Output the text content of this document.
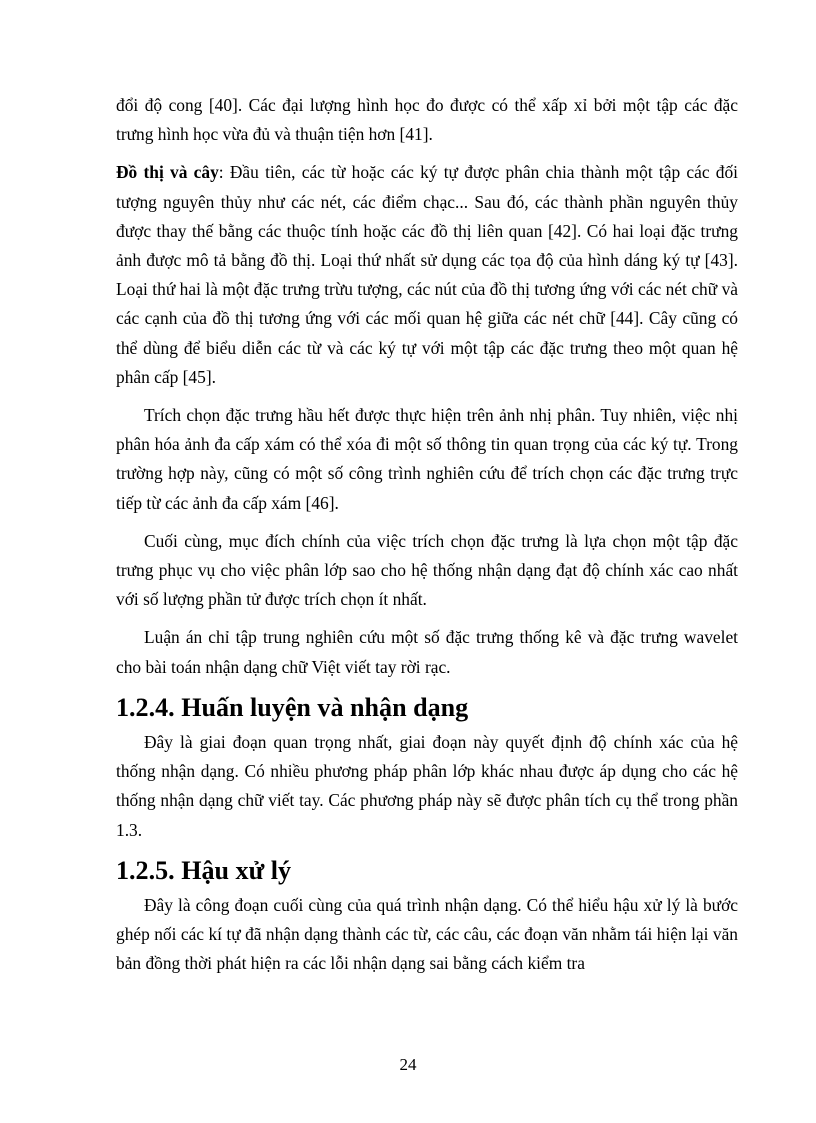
đổi độ cong [40]. Các đại lượng hình học đo được có thể xấp xỉ bởi một tập các đặc trưng hình học vừa đủ và thuận tiện hơn [41].

Đồ thị và cây: Đầu tiên, các từ hoặc các ký tự được phân chia thành một tập các đối tượng nguyên thủy như các nét, các điểm chạc... Sau đó, các thành phần nguyên thủy được thay thế bằng các thuộc tính hoặc các đồ thị liên quan [42]. Có hai loại đặc trưng ảnh được mô tả bằng đồ thị. Loại thứ nhất sử dụng các tọa độ của hình dáng ký tự [43]. Loại thứ hai là một đặc trưng trừu tượng, các nút của đồ thị tương ứng với các nét chữ và các cạnh của đồ thị tương ứng với các mối quan hệ giữa các nét chữ [44]. Cây cũng có thể dùng để biểu diễn các từ và các ký tự với một tập các đặc trưng theo một quan hệ phân cấp [45].

Trích chọn đặc trưng hầu hết được thực hiện trên ảnh nhị phân. Tuy nhiên, việc nhị phân hóa ảnh đa cấp xám có thể xóa đi một số thông tin quan trọng của các ký tự. Trong trường hợp này, cũng có một số công trình nghiên cứu để trích chọn các đặc trưng trực tiếp từ các ảnh đa cấp xám [46].

Cuối cùng, mục đích chính của việc trích chọn đặc trưng là lựa chọn một tập đặc trưng phục vụ cho việc phân lớp sao cho hệ thống nhận dạng đạt độ chính xác cao nhất với số lượng phần tử được trích chọn ít nhất.

Luận án chỉ tập trung nghiên cứu một số đặc trưng thống kê và đặc trưng wavelet cho bài toán nhận dạng chữ Việt viết tay rời rạc.

1.2.4. Huấn luyện và nhận dạng

Đây là giai đoạn quan trọng nhất, giai đoạn này quyết định độ chính xác của hệ thống nhận dạng. Có nhiều phương pháp phân lớp khác nhau được áp dụng cho các hệ thống nhận dạng chữ viết tay. Các phương pháp này sẽ được phân tích cụ thể trong phần 1.3.

1.2.5. Hậu xử lý

Đây là công đoạn cuối cùng của quá trình nhận dạng. Có thể hiểu hậu xử lý là bước ghép nối các kí tự đã nhận dạng thành các từ, các câu, các đoạn văn nhằm tái hiện lại văn bản đồng thời phát hiện ra các lỗi nhận dạng sai bằng cách kiểm tra

24
